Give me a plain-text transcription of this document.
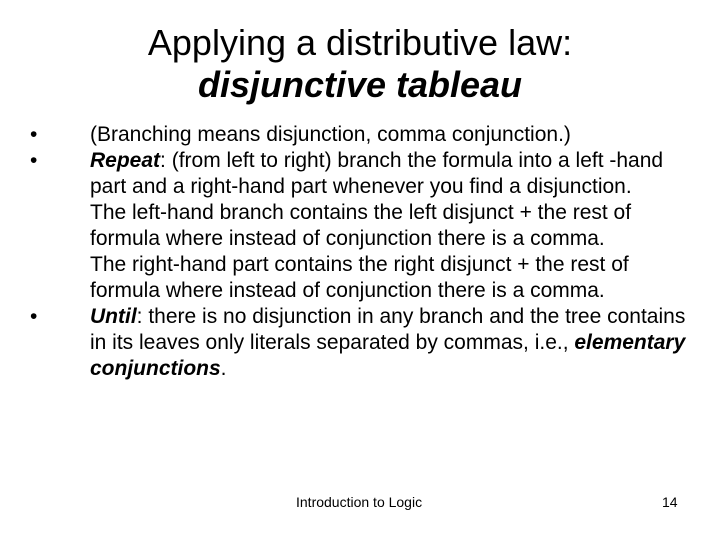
Applying a distributive law:
disjunctive tableau
•	(Branching means disjunction, comma conjunction.)
•	Repeat: (from left to right) branch the formula into a left -hand part and a right-hand part whenever you find a disjunction.
The left-hand branch contains the left disjunct + the rest of formula where instead of conjunction there is a comma.
The right-hand part contains the right disjunct + the rest of formula where instead of conjunction there is a comma.
•	Until: there is no disjunction in any branch and the tree contains in its leaves only literals separated by commas, i.e., elementary conjunctions.
Introduction to Logic	14
